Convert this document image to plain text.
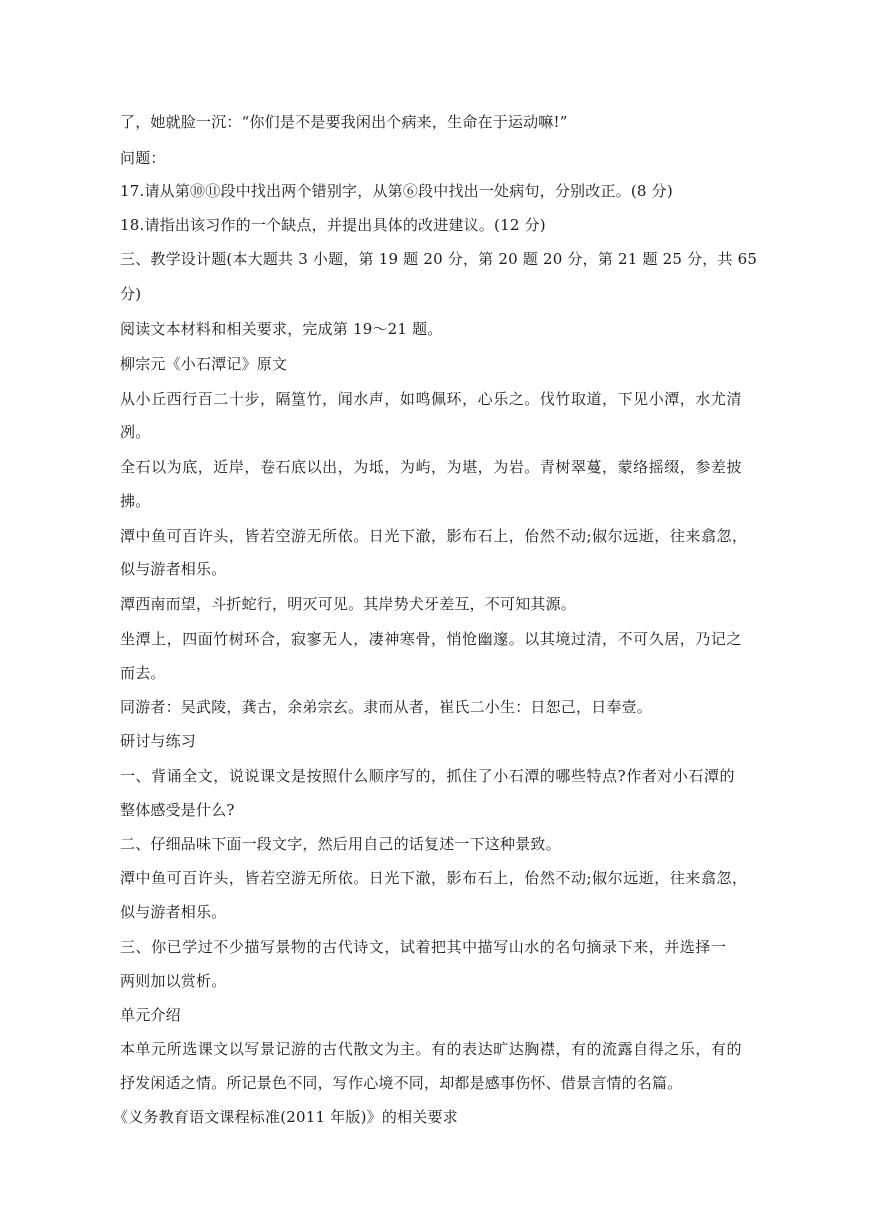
了，她就脸一沉：“你们是不是要我闲出个病来，生命在于运动嘛!”
问题：
17.请从第⑩⑪段中找出两个错别字，从第⑥段中找出一处病句，分别改正。(8 分)
18.请指出该习作的一个缺点，并提出具体的改进建议。(12 分)
三、教学设计题(本大题共 3 小题，第 19 题 20 分，第 20 题 20 分，第 21 题 25 分，共 65
分)
阅读文本材料和相关要求，完成第 19～21 题。
柳宗元《小石潭记》原文
从小丘西行百二十步，隔篁竹，闻水声，如鸣佩环，心乐之。伐竹取道，下见小潭，水尤清
冽。
全石以为底，近岸，卷石底以出，为坻，为屿，为堪，为岩。青树翠蔓，蒙络摇缀，参差披
拂。
潭中鱼可百许头，皆若空游无所依。日光下澈，影布石上，佁然不动;俶尔远逝，往来翕忽，
似与游者相乐。
潭西南而望，斗折蛇行，明灭可见。其岸势犬牙差互，不可知其源。
坐潭上，四面竹树环合，寂寥无人，凄神寒骨，悄怆幽邃。以其境过清，不可久居，乃记之
而去。
同游者：吴武陵，龚古，余弟宗玄。隶而从者，崔氏二小生：日恕己，日奉壹。
研讨与练习
一、背诵全文，说说课文是按照什么顺序写的，抓住了小石潭的哪些特点?作者对小石潭的
整体感受是什么?
二、仔细品味下面一段文字，然后用自己的话复述一下这种景致。
潭中鱼可百许头，皆若空游无所依。日光下澈，影布石上，佁然不动;俶尔远逝，往来翕忽，
似与游者相乐。
三、你已学过不少描写景物的古代诗文，试着把其中描写山水的名句摘录下来，并选择一
两则加以赏析。
单元介绍
本单元所选课文以写景记游的古代散文为主。有的表达旷达胸襟，有的流露自得之乐，有的
抒发闲适之情。所记景色不同，写作心境不同，却都是感事伤怀、借景言情的名篇。
《义务教育语文课程标准(2011 年版)》的相关要求
